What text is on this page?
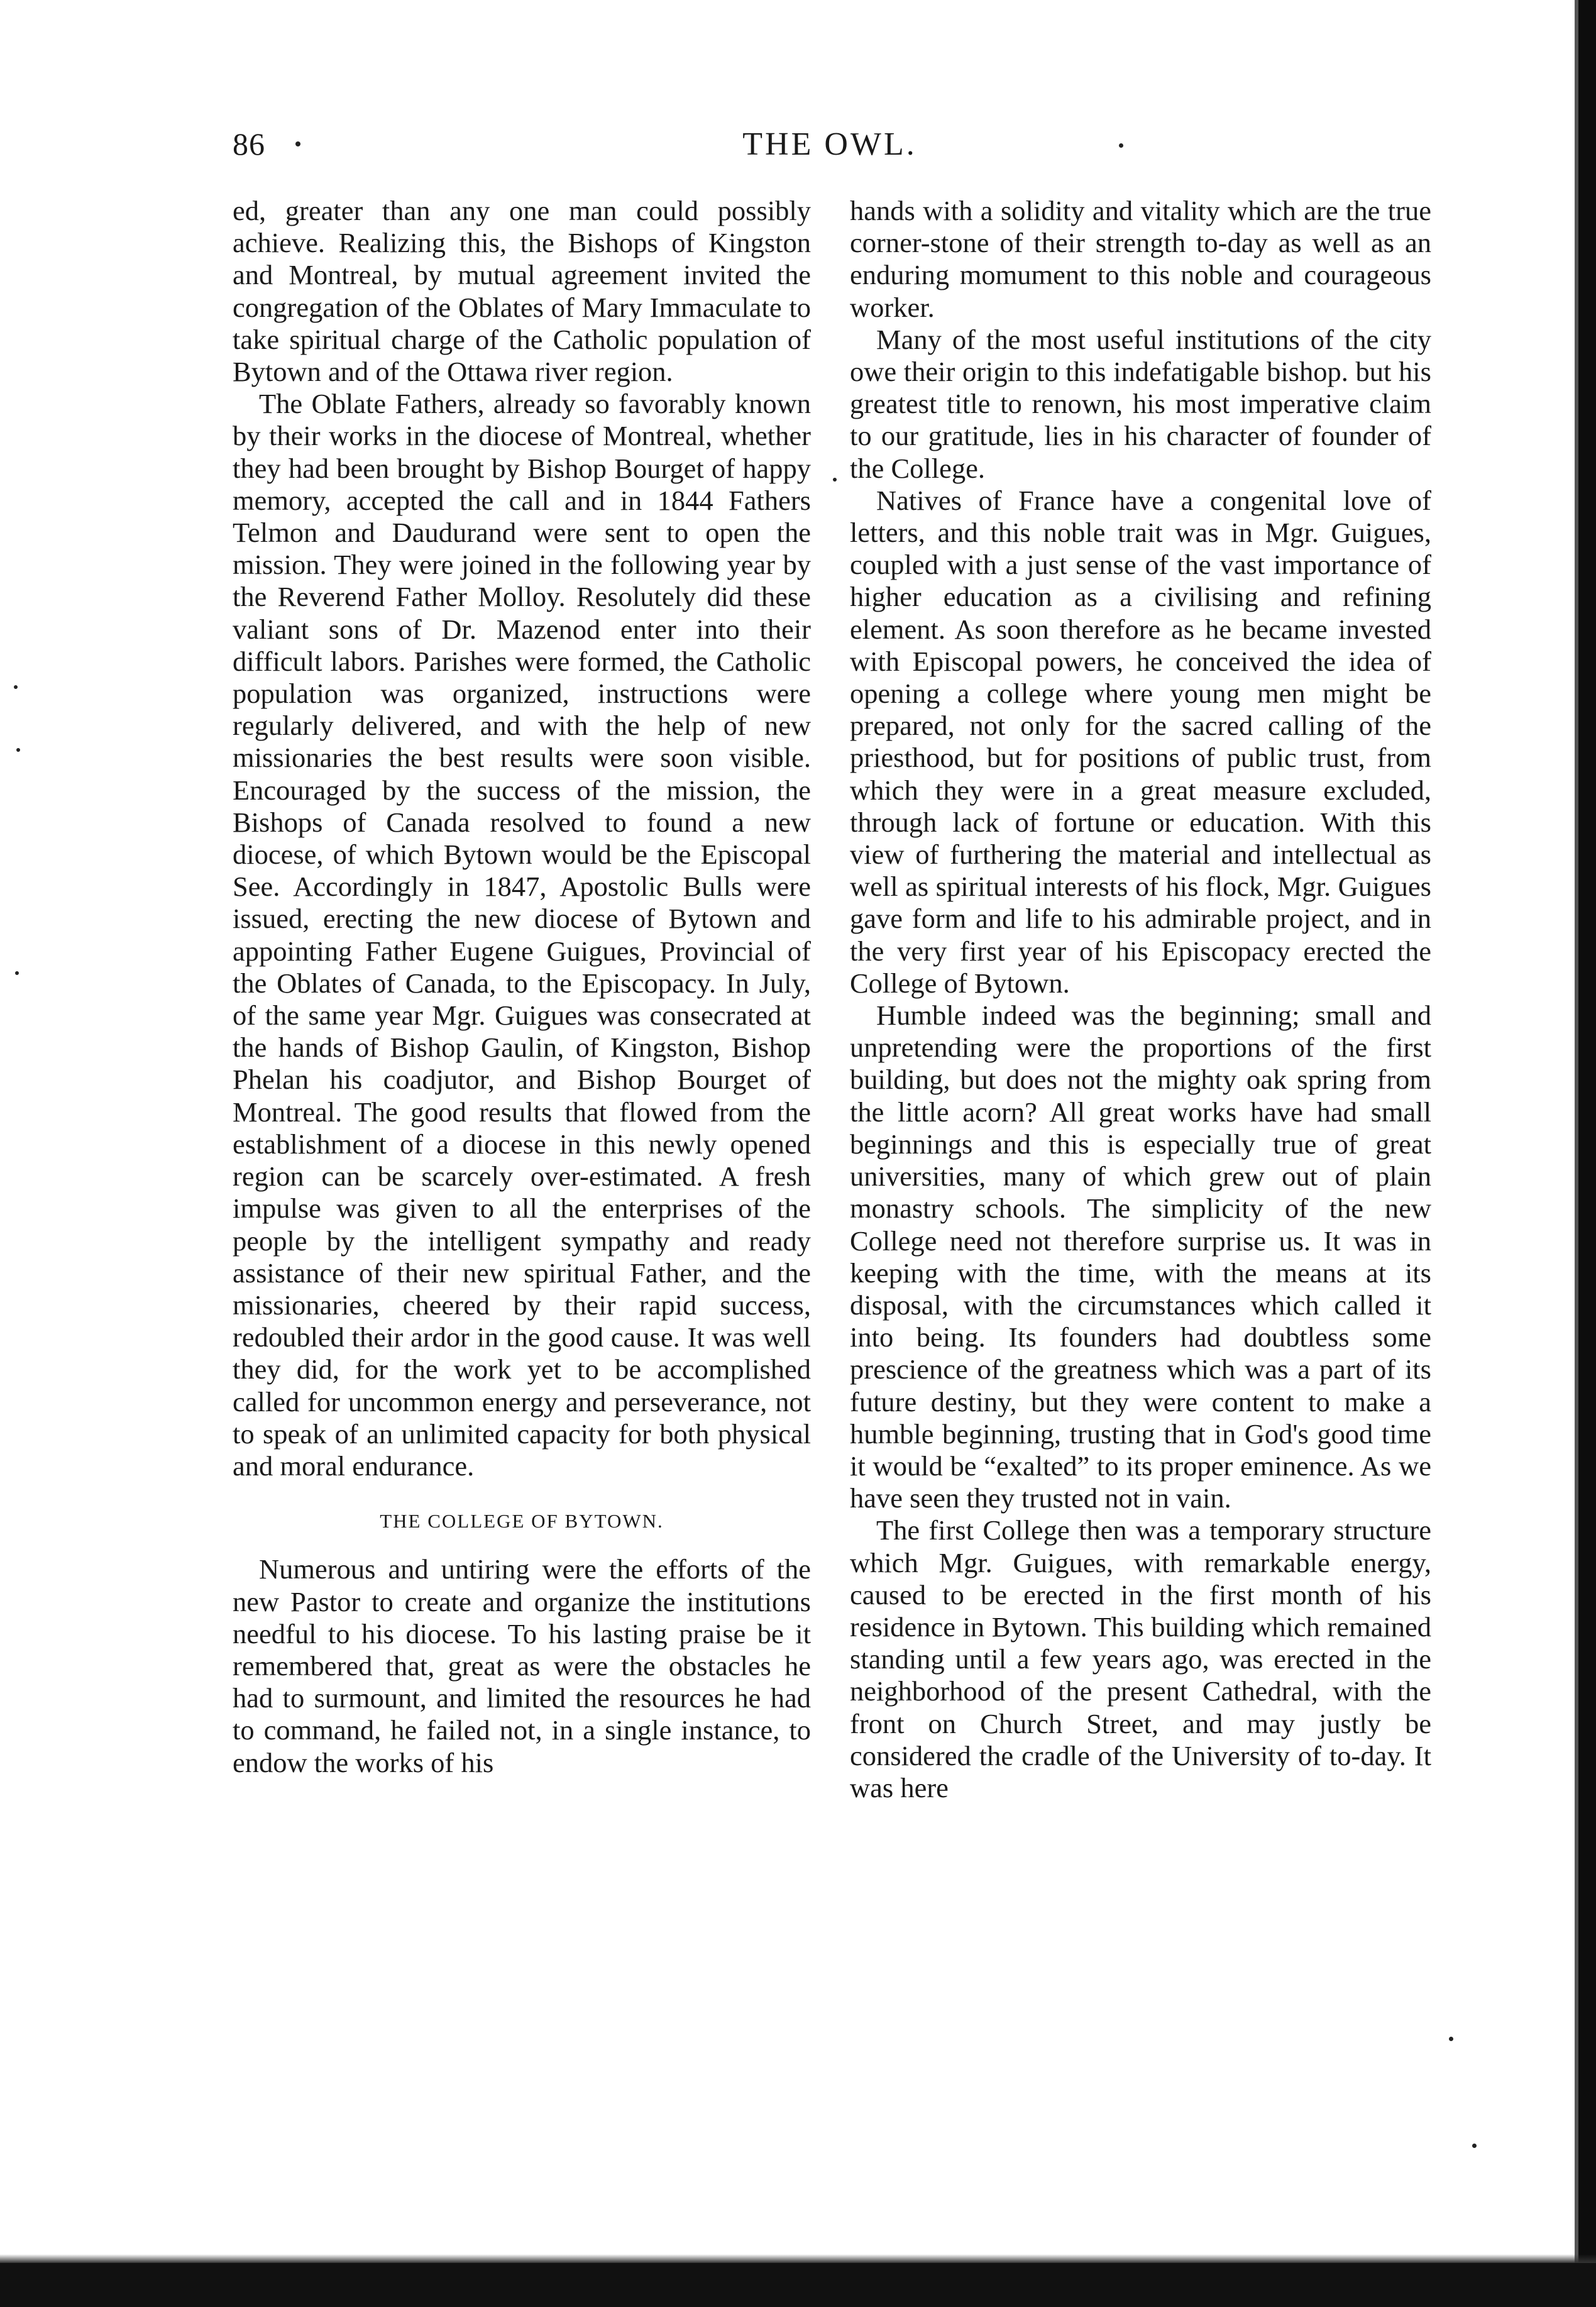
86	THE OWL.

ed, greater than any one man could possibly achieve. Realizing this, the Bishops of Kingston and Montreal, by mutual agreement invited the congregation of the Oblates of Mary Immaculate to take spiritual charge of the Catholic population of Bytown and of the Ottawa river region.

The Oblate Fathers, already so favorably known by their works in the diocese of Montreal, whether they had been brought by Bishop Bourget of happy memory, accepted the call and in 1844 Fathers Telmon and Daudurand were sent to open the mission. They were joined in the following year by the Reverend Father Molloy. Resolutely did these valiant sons of Dr. Mazenod enter into their difficult labors. Parishes were formed, the Catholic population was organized, instructions were regularly delivered, and with the help of new missionaries the best results were soon visible. Encouraged by the success of the mission, the Bishops of Canada resolved to found a new diocese, of which Bytown would be the Episcopal See. Accordingly in 1847, Apostolic Bulls were issued, erecting the new diocese of Bytown and appointing Father Eugene Guigues, Provincial of the Oblates of Canada, to the Episcopacy. In July, of the same year Mgr. Guigues was consecrated at the hands of Bishop Gaulin, of Kingston, Bishop Phelan his coadjutor, and Bishop Bourget of Montreal. The good results that flowed from the establishment of a diocese in this newly opened region can be scarcely over-estimated. A fresh impulse was given to all the enterprises of the people by the intelligent sympathy and ready assistance of their new spiritual Father, and the missionaries, cheered by their rapid success, redoubled their ardor in the good cause. It was well they did, for the work yet to be accomplished called for uncommon energy and perseverance, not to speak of an unlimited capacity for both physical and moral endurance.

THE COLLEGE OF BYTOWN.

Numerous and untiring were the efforts of the new Pastor to create and organize the institutions needful to his diocese. To his lasting praise be it remembered that, great as were the obstacles he had to surmount, and limited the resources he had to command, he failed not, in a single instance, to endow the works of his

hands with a solidity and vitality which are the true corner-stone of their strength to-day as well as an enduring momument to this noble and courageous worker.

Many of the most useful institutions of the city owe their origin to this indefatigable bishop. but his greatest title to renown, his most imperative claim to our gratitude, lies in his character of founder of the College.

Natives of France have a congenital love of letters, and this noble trait was in Mgr. Guigues, coupled with a just sense of the vast importance of higher education as a civilising and refining element. As soon therefore as he became invested with Episcopal powers, he conceived the idea of opening a college where young men might be prepared, not only for the sacred calling of the priesthood, but for positions of public trust, from which they were in a great measure excluded, through lack of fortune or education. With this view of furthering the material and intellectual as well as spiritual interests of his flock, Mgr. Guigues gave form and life to his admirable project, and in the very first year of his Episcopacy erected the College of Bytown.

Humble indeed was the beginning; small and unpretending were the proportions of the first building, but does not the mighty oak spring from the little acorn? All great works have had small beginnings and this is especially true of great universities, many of which grew out of plain monastry schools. The simplicity of the new College need not therefore surprise us. It was in keeping with the time, with the means at its disposal, with the circumstances which called it into being. Its founders had doubtless some prescience of the greatness which was a part of its future destiny, but they were content to make a humble beginning, trusting that in God's good time it would be “exalted” to its proper eminence. As we have seen they trusted not in vain.

The first College then was a temporary structure which Mgr. Guigues, with remarkable energy, caused to be erected in the first month of his residence in Bytown. This building which remained standing until a few years ago, was erected in the neighborhood of the present Cathedral, with the front on Church Street, and may justly be considered the cradle of the University of to-day. It was here
